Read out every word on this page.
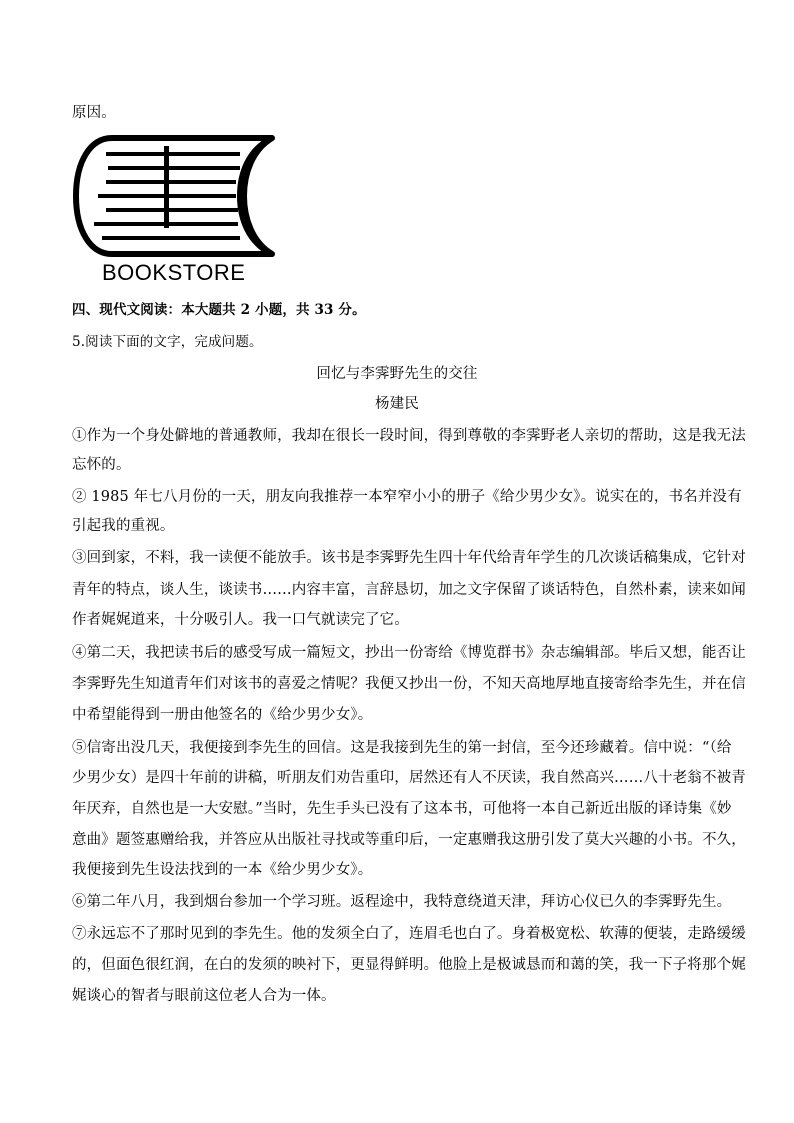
原因。
BOOKSTORE
四、现代文阅读：本大题共 2 小题，共 33 分。
5.阅读下面的文字，完成问题。
回忆与李霁野先生的交往
杨建民
①作为一个身处僻地的普通教师，我却在很长一段时间，得到尊敬的李霁野老人亲切的帮助，这是我无法
忘怀的。
② 1985 年七八月份的一天，朋友向我推荐一本窄窄小小的册子《给少男少女》。说实在的，书名并没有
引起我的重视。
③回到家，不料，我一读便不能放手。该书是李霁野先生四十年代给青年学生的几次谈话稿集成，它针对
青年的特点，谈人生，谈读书……内容丰富，言辞恳切，加之文字保留了谈话特色，自然朴素，读来如闻
作者娓娓道来，十分吸引人。我一口气就读完了它。
④第二天，我把读书后的感受写成一篇短文，抄出一份寄给《博览群书》杂志编辑部。毕后又想，能否让
李霁野先生知道青年们对该书的喜爱之情呢？我便又抄出一份，不知天高地厚地直接寄给李先生，并在信
中希望能得到一册由他签名的《给少男少女》。
⑤信寄出没几天，我便接到李先生的回信。这是我接到先生的第一封信，至今还珍藏着。信中说：“（给
少男少女）是四十年前的讲稿，听朋友们劝告重印，居然还有人不厌读，我自然高兴……八十老翁不被青
年厌弃，自然也是一大安慰。”当时，先生手头已没有了这本书，可他将一本自己新近出版的译诗集《妙
意曲》题签惠赠给我，并答应从出版社寻找或等重印后，一定惠赠我这册引发了莫大兴趣的小书。不久，
我便接到先生设法找到的一本《给少男少女》。
⑥第二年八月，我到烟台参加一个学习班。返程途中，我特意绕道天津，拜访心仪已久的李霁野先生。
⑦永远忘不了那时见到的李先生。他的发须全白了，连眉毛也白了。身着极宽松、软薄的便装，走路缓缓
的，但面色很红润，在白的发须的映衬下，更显得鲜明。他脸上是极诚恳而和蔼的笑，我一下子将那个娓
娓谈心的智者与眼前这位老人合为一体。
